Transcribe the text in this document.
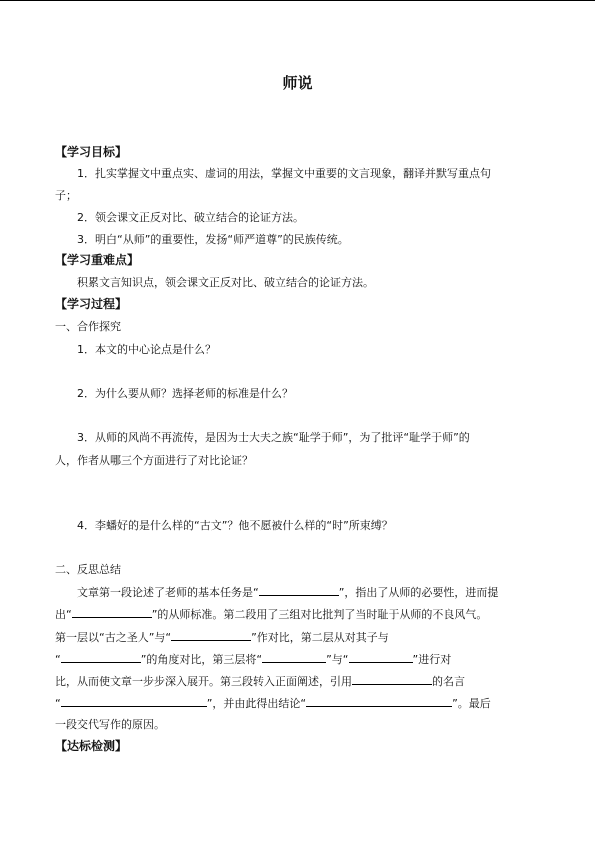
师说
【学习目标】
1．扎实掌握文中重点实、虚词的用法，掌握文中重要的文言现象，翻译并默写重点句
子；
2．领会课文正反对比、破立结合的论证方法。
3．明白“从师”的重要性，发扬“师严道尊”的民族传统。
【学习重难点】
积累文言知识点，领会课文正反对比、破立结合的论证方法。
【学习过程】
一、合作探究
1．本文的中心论点是什么？
2．为什么要从师？选择老师的标准是什么？
3．从师的风尚不再流传，是因为士大夫之族“耻学于师”，为了批评“耻学于师”的
人，作者从哪三个方面进行了对比论证？
4．李蟠好的是什么样的“古文”？他不愿被什么样的“时”所束缚？
二、反思总结
文章第一段论述了老师的基本任务是“	”，指出了从师的必要性，进而提
出“	”的从师标准。第二段用了三组对比批判了当时耻于从师的不良风气。
第一层以“古之圣人”与“	”作对比，第二层从对其子与
“	”的角度对比，第三层将“	”与“	”进行对
比，从而使文章一步步深入展开。第三段转入正面阐述，引用	的名言
“	”，并由此得出结论“	”。最后
一段交代写作的原因。
【达标检测】
